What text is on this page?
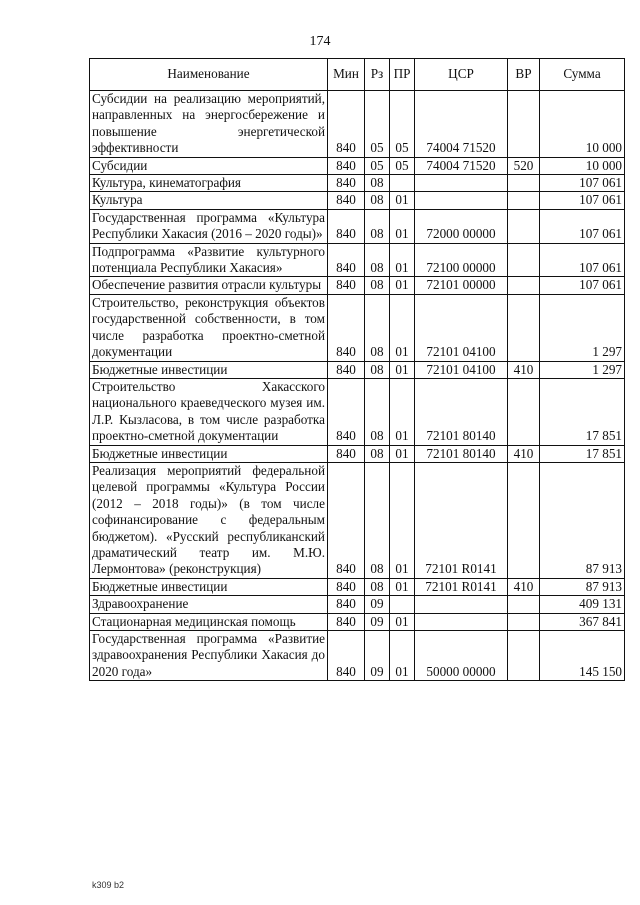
174
Наименование	Мин	Рз	ПР	ЦСР	ВР	Сумма
Субсидии на реализацию мероприятий, направленных на энергосбережение и повышение энергетической эффективности	840	05	05	74004 71520		10 000
Субсидии	840	05	05	74004 71520	520	10 000
Культура, кинематография	840	08				107 061
Культура	840	08	01			107 061
Государственная программа «Культура Республики Хакасия (2016 – 2020 годы)»	840	08	01	72000 00000		107 061
Подпрограмма «Развитие культурного потенциала Республики Хакасия»	840	08	01	72100 00000		107 061
Обеспечение развития отрасли культуры	840	08	01	72101 00000		107 061
Строительство, реконструкция объектов государственной собственности, в том числе разработка проектно-сметной документации	840	08	01	72101 04100		1 297
Бюджетные инвестиции	840	08	01	72101 04100	410	1 297
Строительство Хакасского национального краеведческого музея им. Л.Р. Кызласова, в том числе разработка проектно-сметной документации	840	08	01	72101 80140		17 851
Бюджетные инвестиции	840	08	01	72101 80140	410	17 851
Реализация мероприятий федеральной целевой программы «Культура России (2012 – 2018 годы)» (в том числе софинансирование с федеральным бюджетом). «Русский республиканский драматический театр им. М.Ю. Лермонтова» (реконструкция)	840	08	01	72101 R0141		87 913
Бюджетные инвестиции	840	08	01	72101 R0141	410	87 913
Здравоохранение	840	09				409 131
Стационарная медицинская помощь	840	09	01			367 841
Государственная программа «Развитие здравоохранения Республики Хакасия до 2020 года»	840	09	01	50000 00000		145 150
k309 b2
